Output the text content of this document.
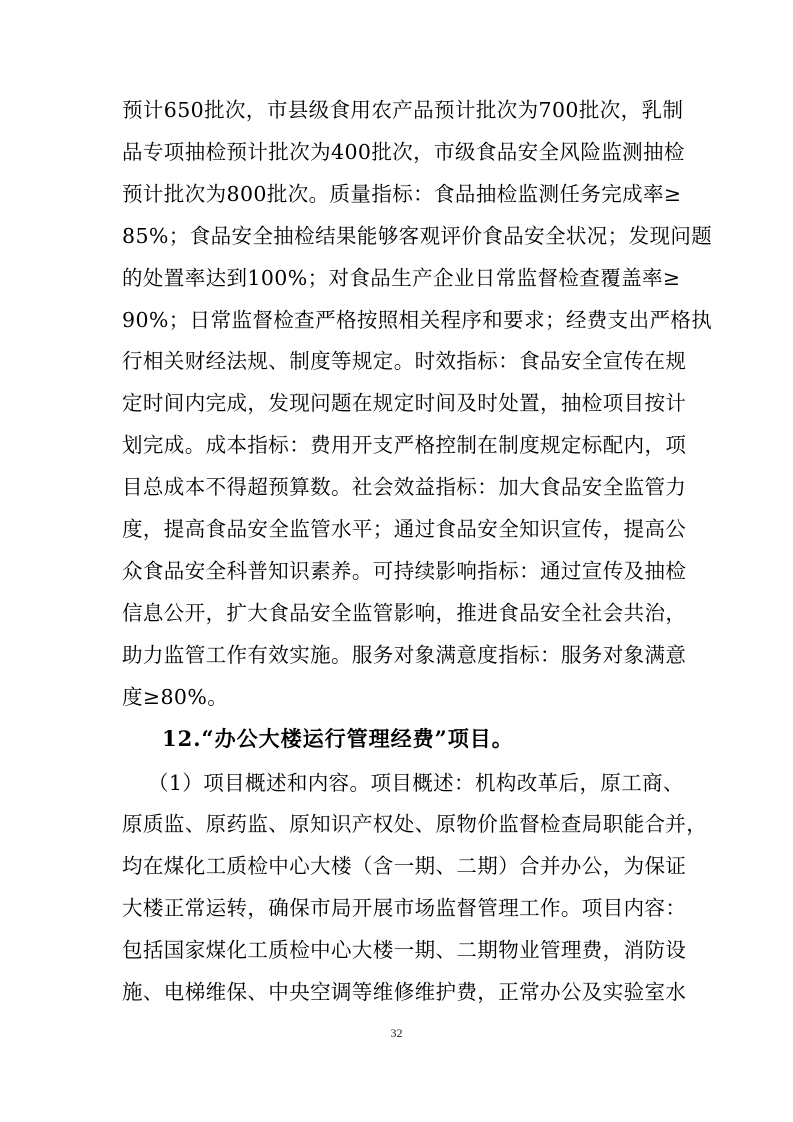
预计650批次，市县级食用农产品预计批次为700批次，乳制
品专项抽检预计批次为400批次，市级食品安全风险监测抽检
预计批次为800批次。质量指标：食品抽检监测任务完成率≥
85%；食品安全抽检结果能够客观评价食品安全状况；发现问题
的处置率达到100%；对食品生产企业日常监督检查覆盖率≥
90%；日常监督检查严格按照相关程序和要求；经费支出严格执
行相关财经法规、制度等规定。时效指标：食品安全宣传在规
定时间内完成，发现问题在规定时间及时处置，抽检项目按计
划完成。成本指标：费用开支严格控制在制度规定标配内，项
目总成本不得超预算数。社会效益指标：加大食品安全监管力
度，提高食品安全监管水平；通过食品安全知识宣传，提高公
众食品安全科普知识素养。可持续影响指标：通过宣传及抽检
信息公开，扩大食品安全监管影响，推进食品安全社会共治，
助力监管工作有效实施。服务对象满意度指标：服务对象满意
度≥80%。
12.“办公大楼运行管理经费”项目。
（1）项目概述和内容。项目概述：机构改革后，原工商、
原质监、原药监、原知识产权处、原物价监督检查局职能合并，
均在煤化工质检中心大楼（含一期、二期）合并办公，为保证
大楼正常运转，确保市局开展市场监督管理工作。项目内容：
包括国家煤化工质检中心大楼一期、二期物业管理费，消防设
施、电梯维保、中央空调等维修维护费，正常办公及实验室水
32
